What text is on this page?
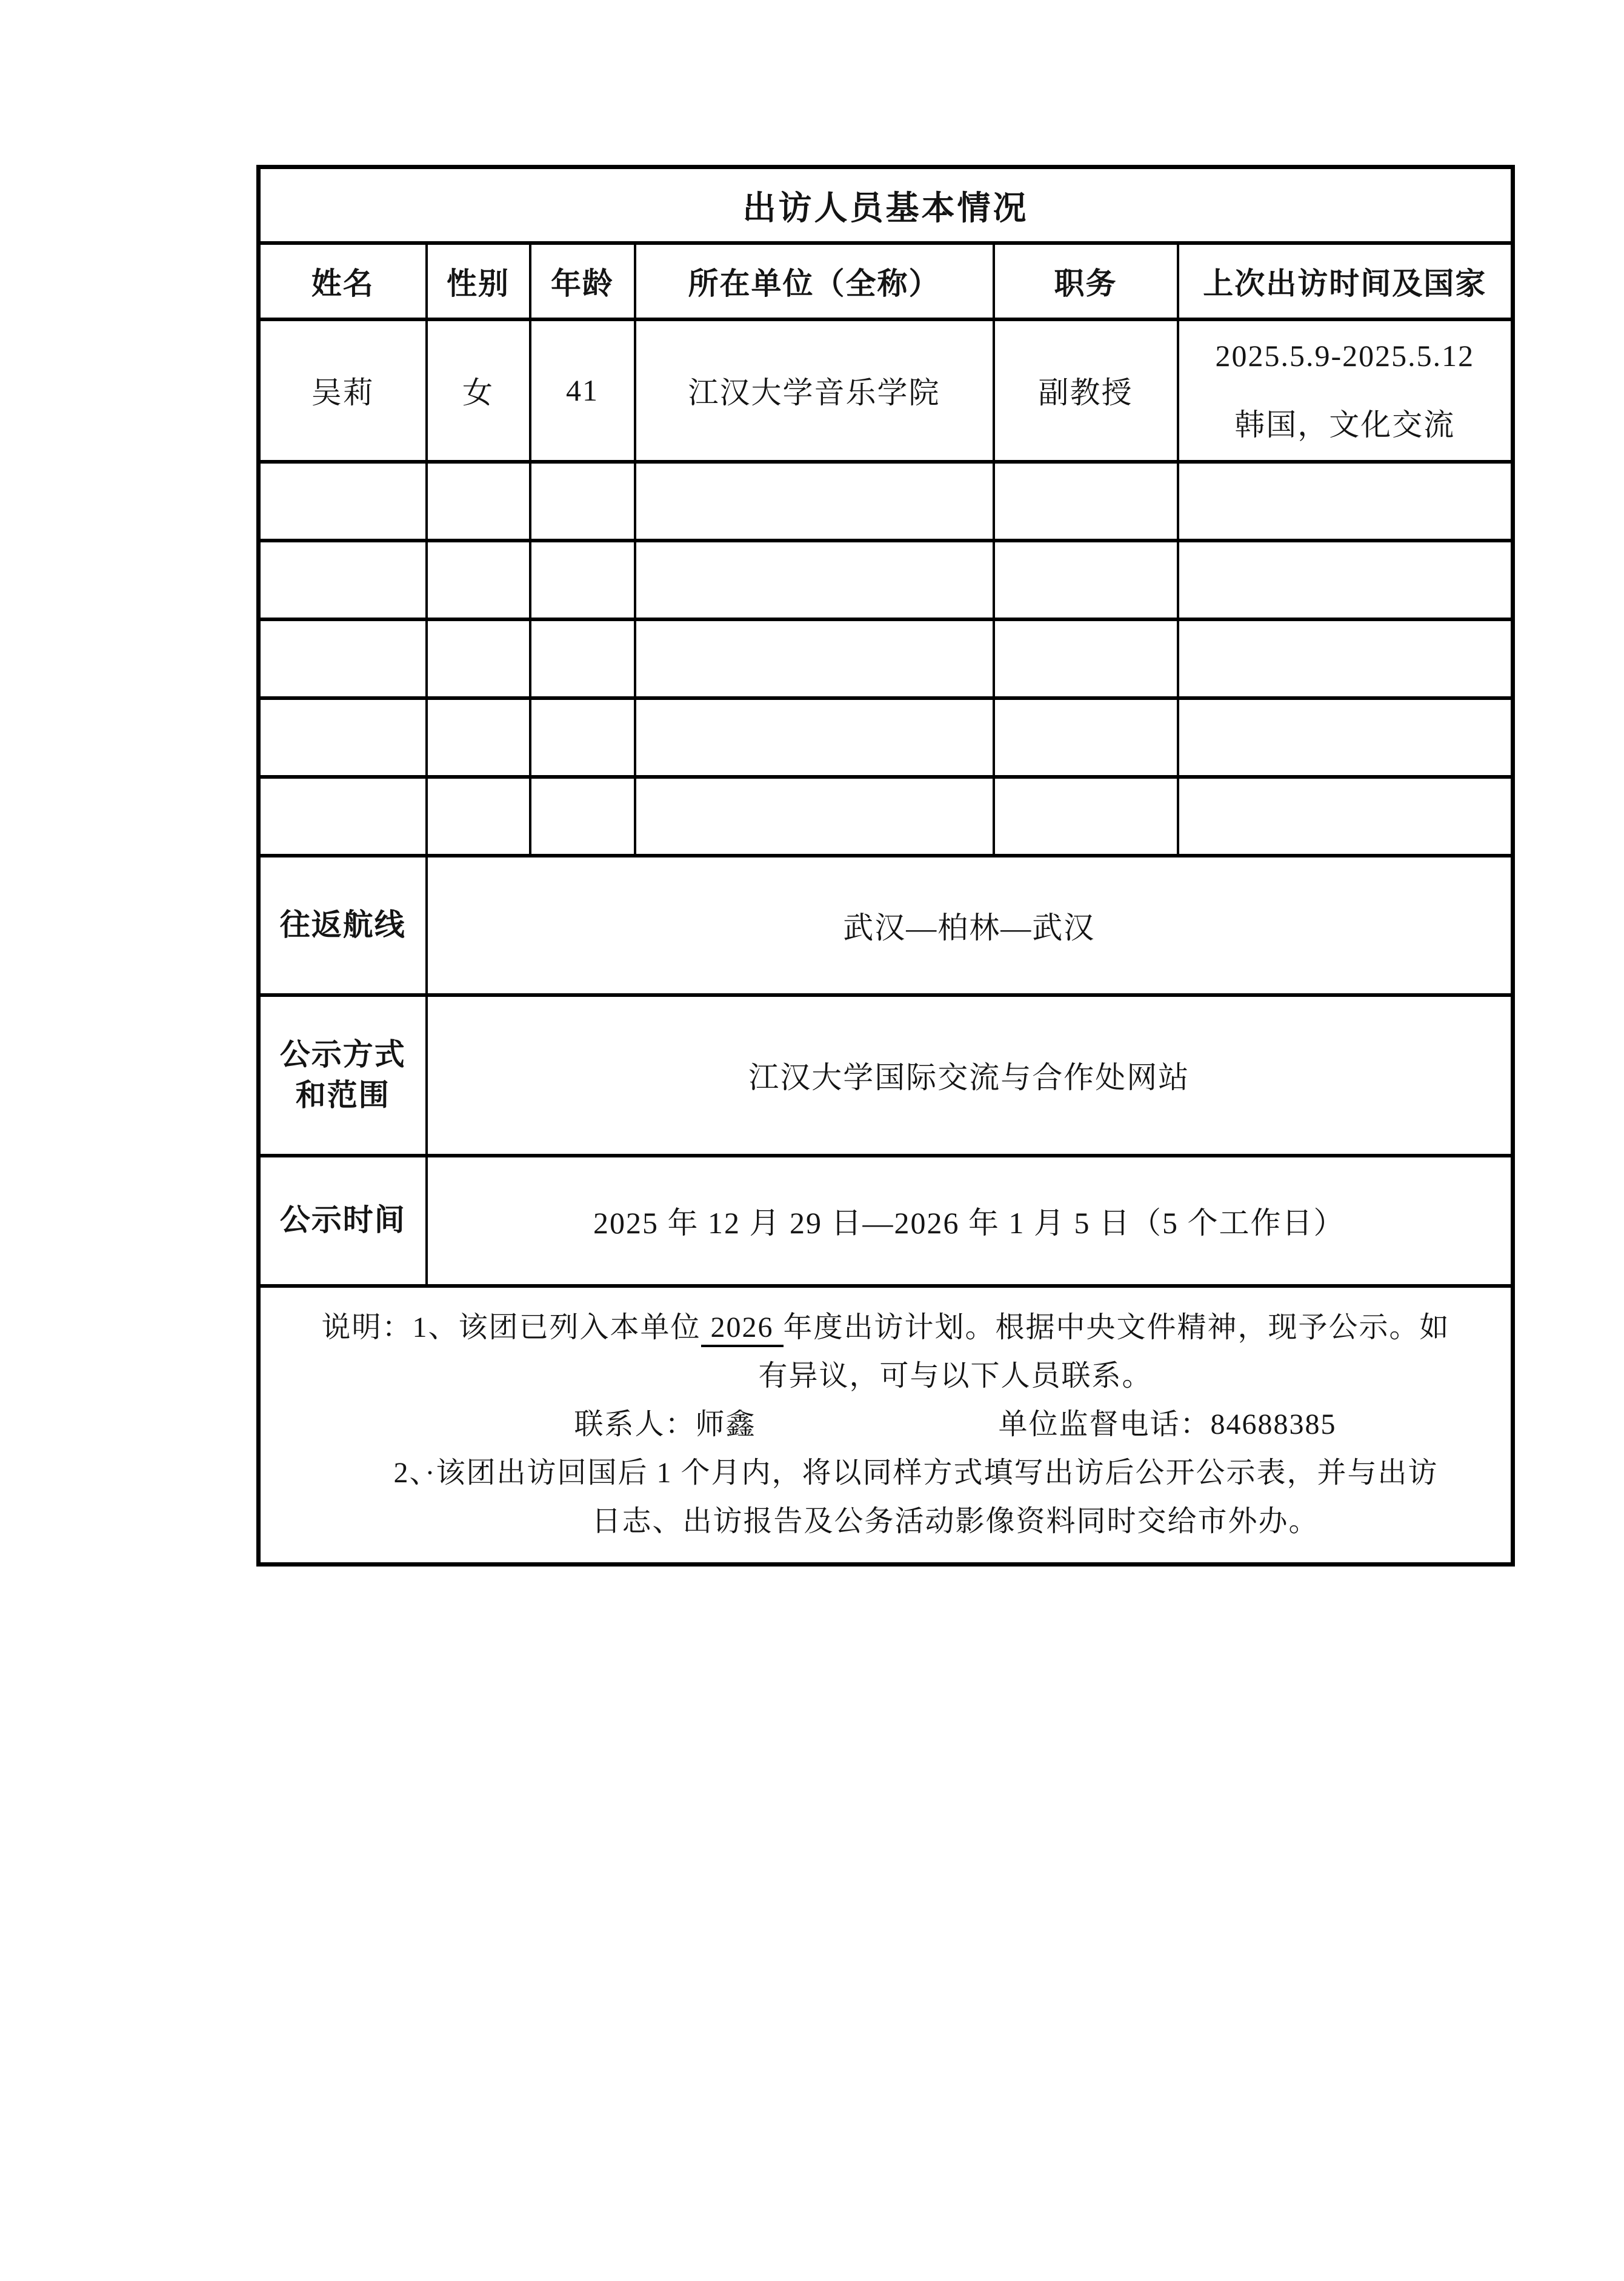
出访人员基本情况					
姓名	性别	年龄	所在单位（全称）	职务	上次出访时间及国家
吴莉	女	41	江汉大学音乐学院	副教授	2025.5.9-2025.5.12
韩国，文化交流

往返航线	武汉—柏林—武汉				

公示方式
和范围	江汉大学国际交流与合作处网站				
公示时间	2025 年 12 月 29 日—2026 年 1 月 5 日（5 个工作日）				

说明：1、该团已列入本单位 2026 年度出访计划。根据中央文件精神，现予公示。如
有异议，可与以下人员联系。
联系人：师鑫 单位监督电话：84688385
2、·该团出访回国后 1 个月内，将以同样方式填写出访后公开公示表，并与出访
日志、出访报告及公务活动影像资料同时交给市外办。					
